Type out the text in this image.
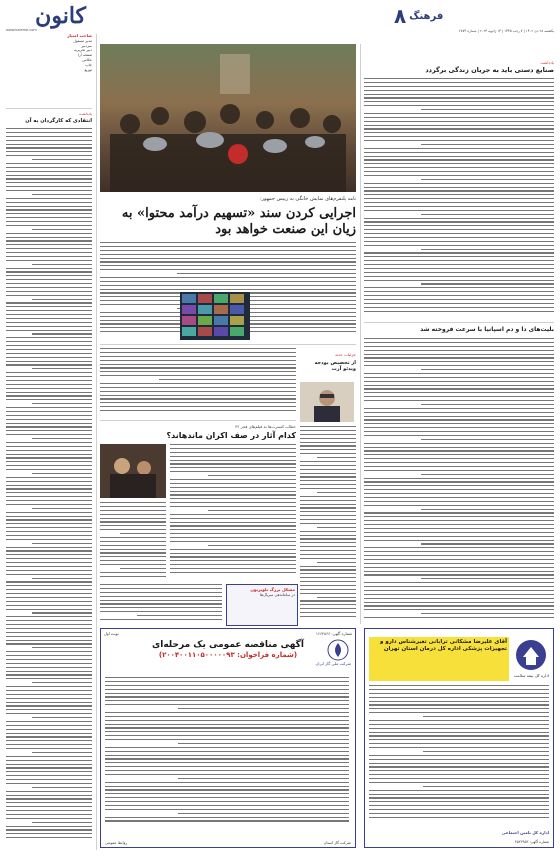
کانون
www.kaleme.com
۸ فرهنگ
یکشنبه ۲۸ دی ۱۴۰۲ | ۷ رجب ۱۴۴۵ | ۱۴ ژانویه ۲۰۲۴ | شماره ۶۸۷۴
صاحب امتیاز
مدیر مسئول
سردبیر
دبیر تحریریه
صفحه آرا
عکاس
چاپ
توزیع
یادداشت
انتقادی که کارگردان به آن
نامه پلتفرم‌های نمایش خانگی به رییس جمهور:
اجرایی کردن سند «تسهیم درآمد محتوا» به زیان این صنعت خواهد بود
یادداشت
صنایع دستی باید به جریان زندگی برگردد
بلیت‌های دا و دم اسپانیا با سرعت فروخته شد
جزئیات جدید
از تخصیص بودجه ویدئو آرت
خطاب کنسرت‌ها به فیلم‌های فجر ۴۲
کدام آثار در صف اکران ماندهاند؟
مشکل بزرگ تلویزیون
در ساماندهی سریال‌ها
نوبت اول	شماره آگهی: ۱۶۶۴۸۶۶
آگهی مناقصه عمومی یک مرحله‌ای
(شماره فراخوان: ۲۰۰۴۰۰۱۱۰۵۰۰۰۰۰۹۳)
شرکت ملی گاز ایران
روابط عمومی	شرکت گاز استان
اداره کل بیمه سلامت
آقای علیرضا مشکانی ترابانی تغیرشناس دارو و تجهیزات پزشکی اداره کل درمان استان تهران
اداره کل تامین اجتماعی
شماره آگهی: ۴۵۲۲۹۵۳
